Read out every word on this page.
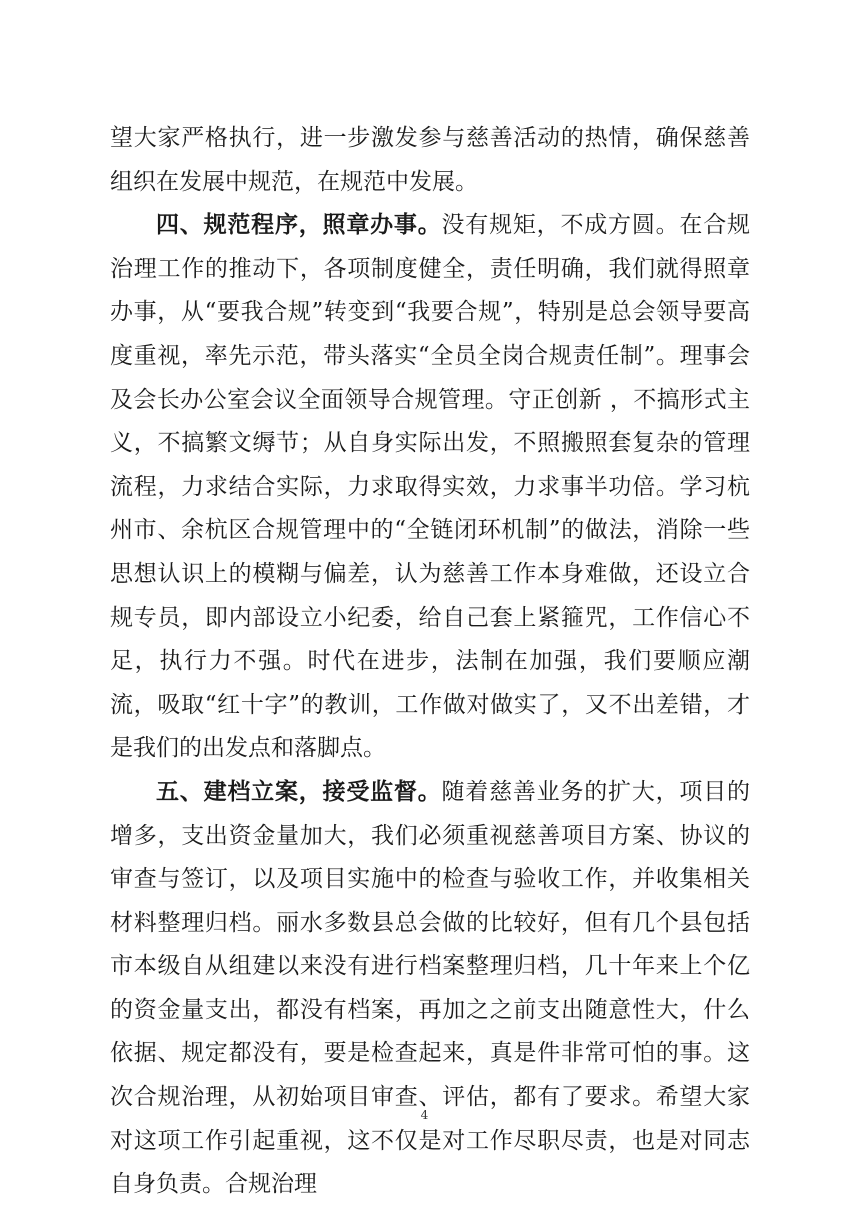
望大家严格执行，进一步激发参与慈善活动的热情，确保慈善组织在发展中规范，在规范中发展。

四、规范程序，照章办事。没有规矩，不成方圆。在合规治理工作的推动下，各项制度健全，责任明确，我们就得照章办事，从“要我合规”转变到“我要合规”，特别是总会领导要高度重视，率先示范，带头落实“全员全岗合规责任制”。理事会及会长办公室会议全面领导合规管理。守正创新 ，不搞形式主义，不搞繁文缛节；从自身实际出发，不照搬照套复杂的管理流程，力求结合实际，力求取得实效，力求事半功倍。学习杭州市、余杭区合规管理中的“全链闭环机制”的做法，消除一些思想认识上的模糊与偏差，认为慈善工作本身难做，还设立合规专员，即内部设立小纪委，给自己套上紧箍咒，工作信心不足，执行力不强。时代在进步，法制在加强，我们要顺应潮流，吸取“红十字”的教训，工作做对做实了，又不出差错，才是我们的出发点和落脚点。

五、建档立案，接受监督。随着慈善业务的扩大，项目的增多，支出资金量加大，我们必须重视慈善项目方案、协议的审查与签订，以及项目实施中的检查与验收工作，并收集相关材料整理归档。丽水多数县总会做的比较好，但有几个县包括市本级自从组建以来没有进行档案整理归档，几十年来上个亿的资金量支出，都没有档案，再加之之前支出随意性大，什么依据、规定都没有，要是检查起来，真是件非常可怕的事。这次合规治理，从初始项目审查、评估，都有了要求。希望大家对这项工作引起重视，这不仅是对工作尽职尽责，也是对同志自身负责。合规治理

4
